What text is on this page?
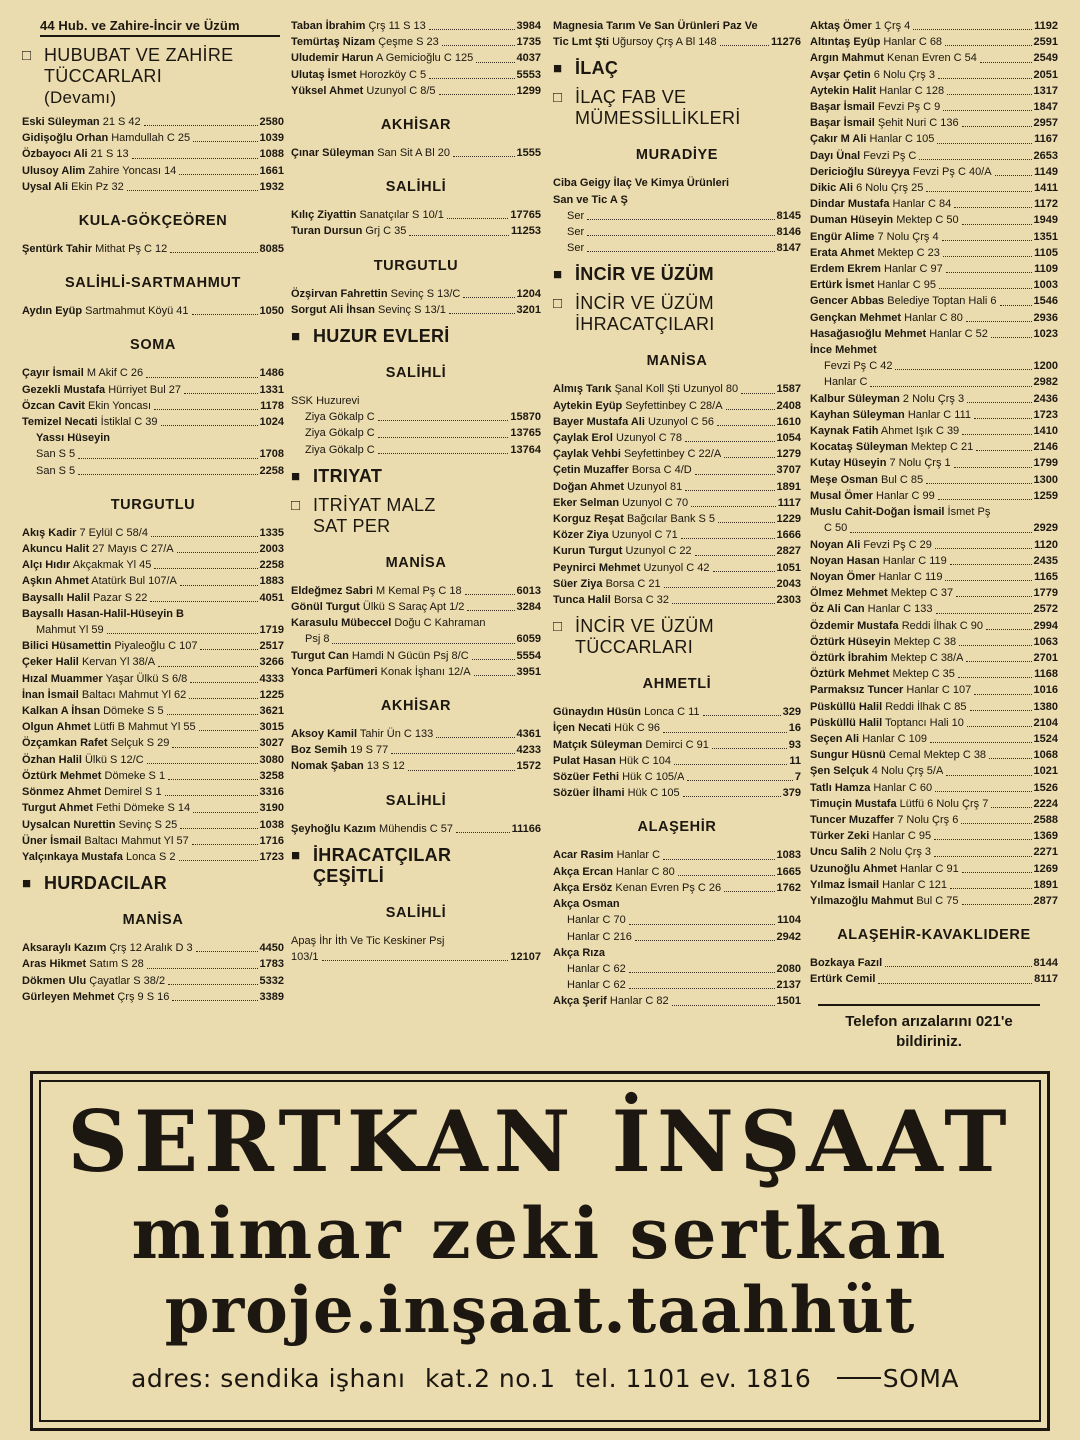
44 Hub. ve Zahire-İncir ve Üzüm
□ HUBUBAT VE ZAHİRE
TÜCCARLARI
(Devamı)
Eski Süleyman 21 S 42	2580
Gidişoğlu Orhan Hamdullah C 25	1039
Özbayocı Ali 21 S 13	1088
Ulusoy Alim Zahire Yoncası 14	1661
Uysal Ali Ekin Pz 32	1932
KULA-GÖKÇEÖREN
Şentürk Tahir Mithat Pş C 12	8085
SALİHLİ-SARTMAHMUT
Aydın Eyüp Sartmahmut Köyü 41	1050
SOMA
Çayır İsmail M Akif C 26	1486
Gezekli Mustafa Hürriyet Bul 27	1331
Özcan Cavit Ekin Yoncası	1178
Temizel Necati İstiklal C 39	1024
Yassı Hüseyin
San S 5	1708
San S 5	2258
TURGUTLU
Akış Kadir 7 Eylül C 58/4	1335
Akuncu Halit 27 Mayıs C 27/A	2003
Alçı Hıdır Akçakmak Yl 45	2258
Aşkın Ahmet Atatürk Bul 107/A	1883
Baysallı Halil Pazar S 22	4051
Baysallı Hasan-Halil-Hüseyin B
Mahmut Yl 59	1719
Bilici Hüsamettin Piyaleoğlu C 107	2517
Çeker Halil Kervan Yl 38/A	3266
Hızal Muammer Yaşar Ülkü S 6/8	4333
İnan İsmail Baltacı Mahmut Yl 62	1225
Kalkan A İhsan Dömeke S 5	3621
Olgun Ahmet Lütfi B Mahmut Yl 55	3015
Özçamkan Rafet Selçuk S 29	3027
Özhan Halil Ülkü S 12/C	3080
Öztürk Mehmet Dömeke S 1	3258
Sönmez Ahmet Demirel S 1	3316
Turgut Ahmet Fethi Dömeke S 14	3190
Uysalcan Nurettin Sevinç S 25	1038
Üner İsmail Baltacı Mahmut Yl 57	1716
Yalçınkaya Mustafa Lonca S 2	1723
■ HURDACILAR
MANİSA
Aksaraylı Kazım Çrş 12 Aralık D 3	4450
Aras Hikmet Satım S 28	1783
Dökmen Ulu Çayatlar S 38/2	5332
Gürleyen Mehmet Çrş 9 S 16	3389
Taban İbrahim Çrş 11 S 13	3984
Temürtaş Nizam Çeşme S 23	1735
Uludemir Harun A Gemicioğlu C 125	4037
Ulutaş İsmet Horozköy C 5	5553
Yüksel Ahmet Uzunyol C 8/5	1299
AKHİSAR
Çınar Süleyman San Sit A Bl 20	1555
SALİHLİ
Kılıç Ziyattin Sanatçılar S 10/1	17765
Turan Dursun Grj C 35	11253
TURGUTLU
Özşirvan Fahrettin Sevinç S 13/C	1204
Sorgut Ali İhsan Sevinç S 13/1	3201
■ HUZUR EVLERİ
SALİHLİ
SSK Huzurevi
Ziya Gökalp C	15870
Ziya Gökalp C	13765
Ziya Gökalp C	13764
■ ITRIYAT
□ ITRİYAT MALZ
SAT PER
MANİSA
Eldeğmez Sabri M Kemal Pş C 18	6013
Gönül Turgut Ülkü S Saraç Apt 1/2	3284
Karasulu Mübeccel Doğu C Kahraman
Psj 8	6059
Turgut Can Hamdi N Gücün Psj 8/C	5554
Yonca Parfümeri Konak İşhanı 12/A	3951
AKHİSAR
Aksoy Kamil Tahir Ün C 133	4361
Boz Semih 19 S 77	4233
Nomak Şaban 13 S 12	1572
SALİHLİ
Şeyhoğlu Kazım Mühendis C 57	11166
■ İHRACATÇILAR
ÇEŞİTLİ
SALİHLİ
Apaş İhr İth Ve Tic Keskiner Psj
103/1	12107
Magnesia Tarım Ve San Ürünleri Paz Ve
Tic Lmt Şti Uğursoy Çrş A Bl 148	11276
■ İLAÇ
□ İLAÇ FAB VE
MÜMESSİLLİKLERİ
MURADİYE
Ciba Geigy İlaç Ve Kimya Ürünleri
San ve Tic A Ş
Ser	8145
Ser	8146
Ser	8147
■ İNCİR VE ÜZÜM
□ İNCİR VE ÜZÜM
İHRACATÇILARI
MANİSA
Almış Tarık Şanal Koll Şti Uzunyol 80	1587
Aytekin Eyüp Seyfettinbey C 28/A	2408
Bayer Mustafa Ali Uzunyol C 56	1610
Çaylak Erol Uzunyol C 78	1054
Çaylak Vehbi Seyfettinbey C 22/A	1279
Çetin Muzaffer Borsa C 4/D	3707
Doğan Ahmet Uzunyol 81	1891
Eker Selman Uzunyol C 70	1117
Korguz Reşat Bağcılar Bank S 5	1229
Közer Ziya Uzunyol C 71	1666
Kurun Turgut Uzunyol C 22	2827
Peynirci Mehmet Uzunyol C 42	1051
Süer Ziya Borsa C 21	2043
Tunca Halil Borsa C 32	2303
□ İNCİR VE ÜZÜM
TÜCCARLARI
AHMETLİ
Günaydın Hüsün Lonca C 11	329
İçen Necati Hük C 96	16
Matçık Süleyman Demirci C 91	93
Pulat Hasan Hük C 104	11
Sözüer Fethi Hük C 105/A	7
Sözüer İlhami Hük C 105	379
ALAŞEHİR
Acar Rasim Hanlar C	1083
Akça Ercan Hanlar C 80	1665
Akça Ersöz Kenan Evren Pş C 26	1762
Akça Osman
Hanlar C 70	1104
Hanlar C 216	2942
Akça Rıza
Hanlar C 62	2080
Hanlar C 62	2137
Akça Şerif Hanlar C 82	1501
Aktaş Ömer 1 Çrş 4	1192
Altıntaş Eyüp Hanlar C 68	2591
Argın Mahmut Kenan Evren C 54	2549
Avşar Çetin 6 Nolu Çrş 3	2051
Aytekin Halit Hanlar C 128	1317
Başar İsmail Fevzi Pş C 9	1847
Başar İsmail Şehit Nuri C 136	2957
Çakır M Ali Hanlar C 105	1167
Dayı Ünal Fevzi Pş C	2653
Dericioğlu Süreyya Fevzi Pş C 40/A	1149
Dikic Ali 6 Nolu Çrş 25	1411
Dindar Mustafa Hanlar C 84	1172
Duman Hüseyin Mektep C 50	1949
Engür Alime 7 Nolu Çrş 4	1351
Erata Ahmet Mektep C 23	1105
Erdem Ekrem Hanlar C 97	1109
Ertürk İsmet Hanlar C 95	1003
Gencer Abbas Belediye Toptan Hali 6	1546
Gençkan Mehmet Hanlar C 80	2936
Hasağasıoğlu Mehmet Hanlar C 52	1023
İnce Mehmet
Fevzi Pş C 42	1200
Hanlar C	2982
Kalbur Süleyman 2 Nolu Çrş 3	2436
Kayhan Süleyman Hanlar C 111	1723
Kaynak Fatih Ahmet Işık C 39	1410
Kocataş Süleyman Mektep C 21	2146
Kutay Hüseyin 7 Nolu Çrş 1	1799
Meşe Osman Bul C 85	1300
Musal Ömer Hanlar C 99	1259
Muslu Cahit-Doğan İsmail İsmet Pş
C 50	2929
Noyan Ali Fevzi Pş C 29	1120
Noyan Hasan Hanlar C 119	2435
Noyan Ömer Hanlar C 119	1165
Ölmez Mehmet Mektep C 37	1779
Öz Ali Can Hanlar C 133	2572
Özdemir Mustafa Reddi İlhak C 90	2994
Öztürk Hüseyin Mektep C 38	1063
Öztürk İbrahim Mektep C 38/A	2701
Öztürk Mehmet Mektep C 35	1168
Parmaksız Tuncer Hanlar C 107	1016
Püsküllü Halil Reddi İlhak C 85	1380
Püsküllü Halil Toptancı Hali 10	2104
Seçen Ali Hanlar C 109	1524
Sungur Hüsnü Cemal Mektep C 38	1068
Şen Selçuk 4 Nolu Çrş 5/A	1021
Tatlı Hamza Hanlar C 60	1526
Timuçin Mustafa Lütfü 6 Nolu Çrş 7	2224
Tuncer Muzaffer 7 Nolu Çrş 6	2588
Türker Zeki Hanlar C 95	1369
Uncu Salih 2 Nolu Çrş 3	2271
Uzunoğlu Ahmet Hanlar C 91	1269
Yılmaz İsmail Hanlar C 121	1891
Yılmazoğlu Mahmut Bul C 75	2877
ALAŞEHİR-KAVAKLIDERE
Bozkaya Fazıl	8144
Ertürk Cemil	8117
Telefon arızalarını 021'e
bildiriniz.
SERTKAN İNŞAAT
mimar zeki sertkan
proje.inşaat.taahhüt
adres: sendika işhanı kat.2 no.1 tel. 1101 ev. 1816	SOMA
